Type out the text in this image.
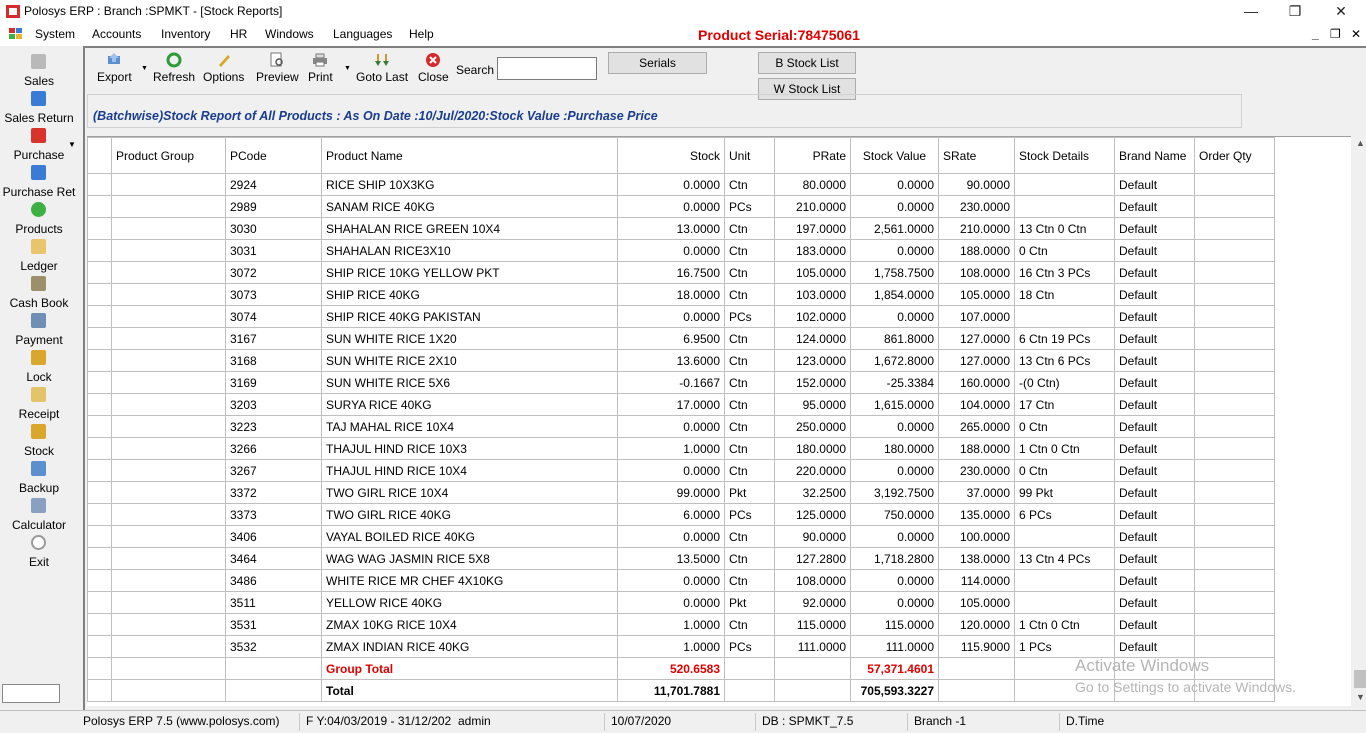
Polosys ERP : Branch :SPMKT - [Stock Reports]	—	❐	✕
System Accounts Inventory HR Windows Languages Help	Product Serial:78475061	_ ❐ ✕
Sales
Sales Return
Purchase
▼
Purchase Ret
Products
Ledger
Cash Book
Payment
Lock
Receipt
Stock
Backup
Calculator
Exit
Export
▼
Refresh Options Preview Print
▼
Goto Last Close Search	Serials	B Stock List
W Stock List
(Batchwise)Stock Report of All Products : As On Date :10/Jul/2020:Stock Value :Purchase Price
	Product Group	PCode	Product Name	Stock	Unit	PRate	Stock Value	SRate	Stock Details	Brand Name	Order Qty
		2924	RICE SHIP 10X3KG	0.0000	Ctn	80.0000	0.0000	90.0000		Default	
		2989	SANAM RICE 40KG	0.0000	PCs	210.0000	0.0000	230.0000		Default	
		3030	SHAHALAN RICE GREEN 10X4	13.0000	Ctn	197.0000	2,561.0000	210.0000	13 Ctn 0 Ctn	Default	
		3031	SHAHALAN RICE3X10	0.0000	Ctn	183.0000	0.0000	188.0000	0 Ctn	Default	
		3072	SHIP RICE 10KG YELLOW PKT	16.7500	Ctn	105.0000	1,758.7500	108.0000	16 Ctn 3 PCs	Default	
		3073	SHIP RICE 40KG	18.0000	Ctn	103.0000	1,854.0000	105.0000	18 Ctn	Default	
		3074	SHIP RICE 40KG PAKISTAN	0.0000	PCs	102.0000	0.0000	107.0000		Default	
		3167	SUN WHITE RICE 1X20	6.9500	Ctn	124.0000	861.8000	127.0000	6 Ctn 19 PCs	Default	
		3168	SUN WHITE RICE 2X10	13.6000	Ctn	123.0000	1,672.8000	127.0000	13 Ctn 6 PCs	Default	
		3169	SUN WHITE RICE 5X6	-0.1667	Ctn	152.0000	-25.3384	160.0000	-(0 Ctn)	Default	
		3203	SURYA RICE 40KG	17.0000	Ctn	95.0000	1,615.0000	104.0000	17 Ctn	Default	
		3223	TAJ MAHAL RICE 10X4	0.0000	Ctn	250.0000	0.0000	265.0000	0 Ctn	Default	
		3266	THAJUL HIND RICE 10X3	1.0000	Ctn	180.0000	180.0000	188.0000	1 Ctn 0 Ctn	Default	
		3267	THAJUL HIND RICE 10X4	0.0000	Ctn	220.0000	0.0000	230.0000	0 Ctn	Default	
		3372	TWO GIRL RICE 10X4	99.0000	Pkt	32.2500	3,192.7500	37.0000	99 Pkt	Default	
		3373	TWO GIRL RICE 40KG	6.0000	PCs	125.0000	750.0000	135.0000	6 PCs	Default	
		3406	VAYAL BOILED RICE 40KG	0.0000	Ctn	90.0000	0.0000	100.0000		Default	
		3464	WAG WAG JASMIN RICE 5X8	13.5000	Ctn	127.2800	1,718.2800	138.0000	13 Ctn 4 PCs	Default	
		3486	WHITE RICE MR CHEF 4X10KG	0.0000	Ctn	108.0000	0.0000	114.0000		Default	
		3511	YELLOW RICE 40KG	0.0000	Pkt	92.0000	0.0000	105.0000		Default	
		3531	ZMAX 10KG RICE 10X4	1.0000	Ctn	115.0000	115.0000	120.0000	1 Ctn 0 Ctn	Default	
		3532	ZMAX INDIAN RICE 40KG	1.0000	PCs	111.0000	111.0000	115.9000	1 PCs	Default	
			Group Total	520.6583			57,371.4601				
			Total	11,701.7881			705,593.3227				
▲
▼
Activate Windows
Go to Settings to activate Windows.
Polosys ERP 7.5 (www.polosys.com) F Y:04/03/2019 - 31/12/202 admin	10/07/2020	DB : SPMKT_7.5	Branch -1	D.Time
